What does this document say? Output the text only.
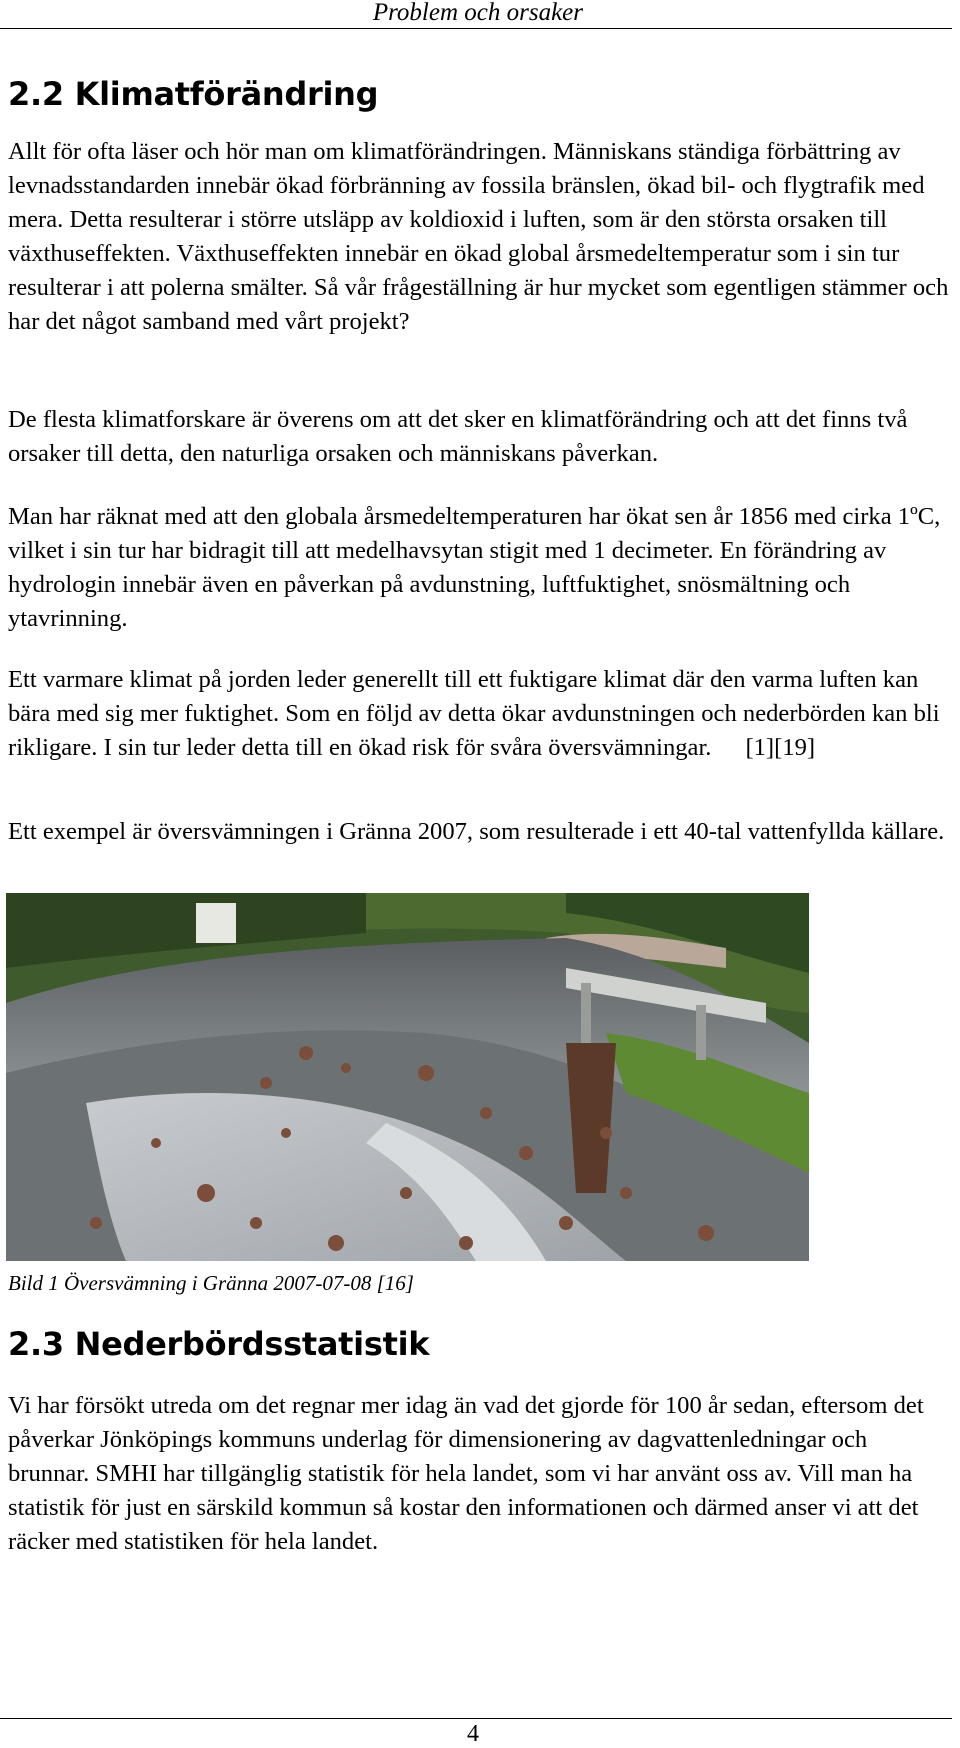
Problem och orsaker
2.2 Klimatförändring

Allt för ofta läser och hör man om klimatförändringen. Människans ständiga förbättring av levnadsstandarden innebär ökad förbränning av fossila bränslen, ökad bil- och flygtrafik med mera. Detta resulterar i större utsläpp av koldioxid i luften, som är den största orsaken till växthuseffekten. Växthuseffekten innebär en ökad global årsmedeltemperatur som i sin tur resulterar i att polerna smälter. Så vår frågeställning är hur mycket som egentligen stämmer och har det något samband med vårt projekt?

De flesta klimatforskare är överens om att det sker en klimatförändring och att det finns två orsaker till detta, den naturliga orsaken och människans påverkan.

Man har räknat med att den globala årsmedeltemperaturen har ökat sen år 1856 med cirka 1ºC, vilket i sin tur har bidragit till att medelhavsytan stigit med 1 decimeter. En förändring av hydrologin innebär även en påverkan på avdunstning, luftfuktighet, snösmältning och ytavrinning.

Ett varmare klimat på jorden leder generellt till ett fuktigare klimat där den varma luften kan bära med sig mer fuktighet. Som en följd av detta ökar avdunstningen och nederbörden kan bli rikligare. I sin tur leder detta till en ökad risk för svåra översvämningar. [1][19]

Ett exempel är översvämningen i Gränna 2007, som resulterade i ett 40-tal vattenfyllda källare.

Bild 1 Översvämning i Gränna 2007-07-08 [16]

2.3 Nederbördsstatistik

Vi har försökt utreda om det regnar mer idag än vad det gjorde för 100 år sedan, eftersom det påverkar Jönköpings kommuns underlag för dimensionering av dagvattenledningar och brunnar. SMHI har tillgänglig statistik för hela landet, som vi har använt oss av. Vill man ha statistik för just en särskild kommun så kostar den informationen och därmed anser vi att det räcker med statistiken för hela landet.

4
